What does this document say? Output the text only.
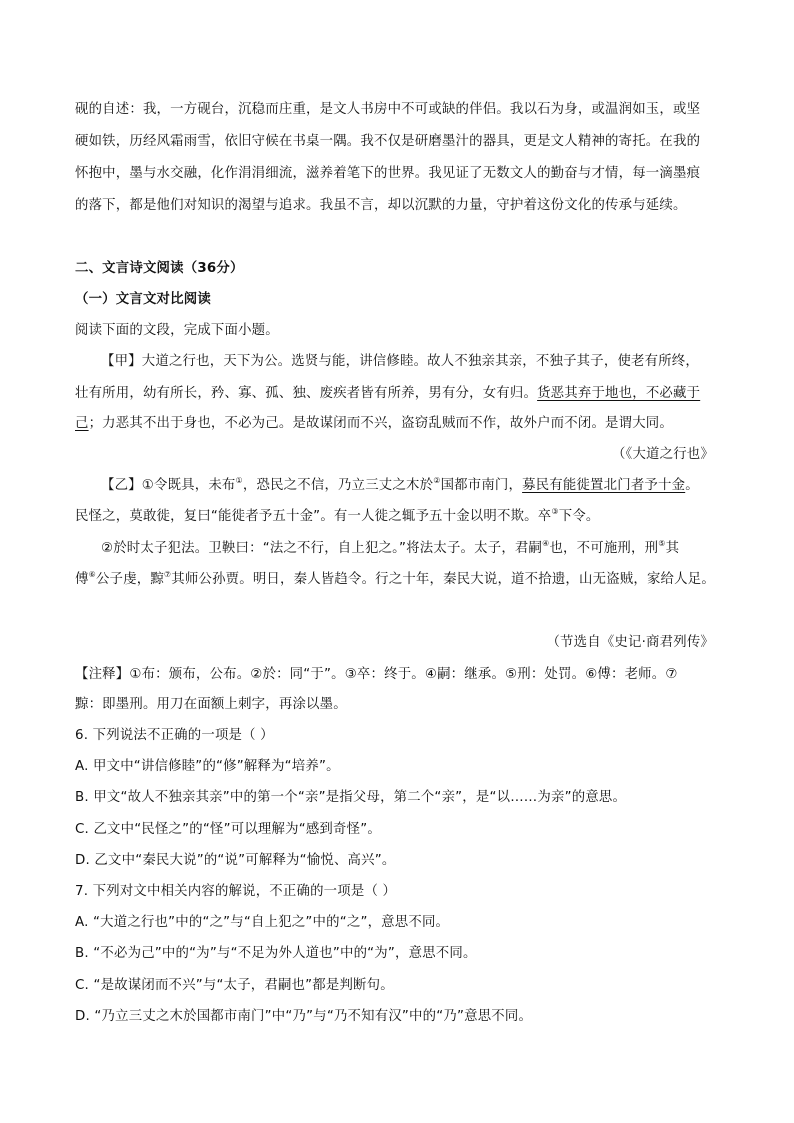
砚的自述：我，一方砚台，沉稳而庄重，是文人书房中不可或缺的伴侣。我以石为身，或温润如玉，或坚
硬如铁，历经风霜雨雪，依旧守候在书桌一隅。我不仅是研磨墨汁的器具，更是文人精神的寄托。在我的
怀抱中，墨与水交融，化作涓涓细流，滋养着笔下的世界。我见证了无数文人的勤奋与才情，每一滴墨痕
的落下，都是他们对知识的渴望与追求。我虽不言，却以沉默的力量，守护着这份文化的传承与延续。
二、文言诗文阅读（36分）
（一）文言文对比阅读
阅读下面的文段，完成下面小题。
【甲】大道之行也，天下为公。选贤与能，讲信修睦。故人不独亲其亲，不独子其子，使老有所终，
壮有所用，幼有所长，矜、寡、孤、独、废疾者皆有所养，男有分，女有归。货恶其弃于地也，不必藏于
己；力恶其不出于身也，不必为己。是故谋闭而不兴，盗窃乱贼而不作，故外户而不闭。是谓大同。
（《大道之行也》
【乙】①令既具，未布①，恐民之不信，乃立三丈之木於②国都市南门，募民有能徙置北门者予十金。
民怪之，莫敢徙，复曰“能徙者予五十金”。有一人徙之辄予五十金以明不欺。卒③下令。
②於时太子犯法。卫鞅曰：“法之不行，自上犯之。”将法太子。太子，君嗣④也，不可施刑，刑⑤其
傅⑥公子虔，黥⑦其师公孙贾。明日，秦人皆趋令。行之十年，秦民大说，道不拾遗，山无盗贼，家给人足。
（节选自《史记·商君列传》
【注释】①布：颁布，公布。②於：同“于”。③卒：终于。④嗣：继承。⑤刑：处罚。⑥傅：老师。⑦
黥：即墨刑。用刀在面额上刺字，再涂以墨。
6. 下列说法不正确的一项是（ ）
A. 甲文中“讲信修睦”的“修”解释为“培养”。
B. 甲文“故人不独亲其亲”中的第一个“亲”是指父母，第二个“亲”，是“以……为亲”的意思。
C. 乙文中“民怪之”的“怪”可以理解为“感到奇怪”。
D. 乙文中“秦民大说”的“说”可解释为“愉悦、高兴”。
7. 下列对文中相关内容的解说，不正确的一项是（ ）
A. “大道之行也”中的“之”与“自上犯之”中的“之”，意思不同。
B. “不必为己”中的“为”与“不足为外人道也”中的“为”，意思不同。
C. “是故谋闭而不兴”与“太子，君嗣也”都是判断句。
D. “乃立三丈之木於国都市南门”中“乃”与“乃不知有汉”中的“乃”意思不同。
